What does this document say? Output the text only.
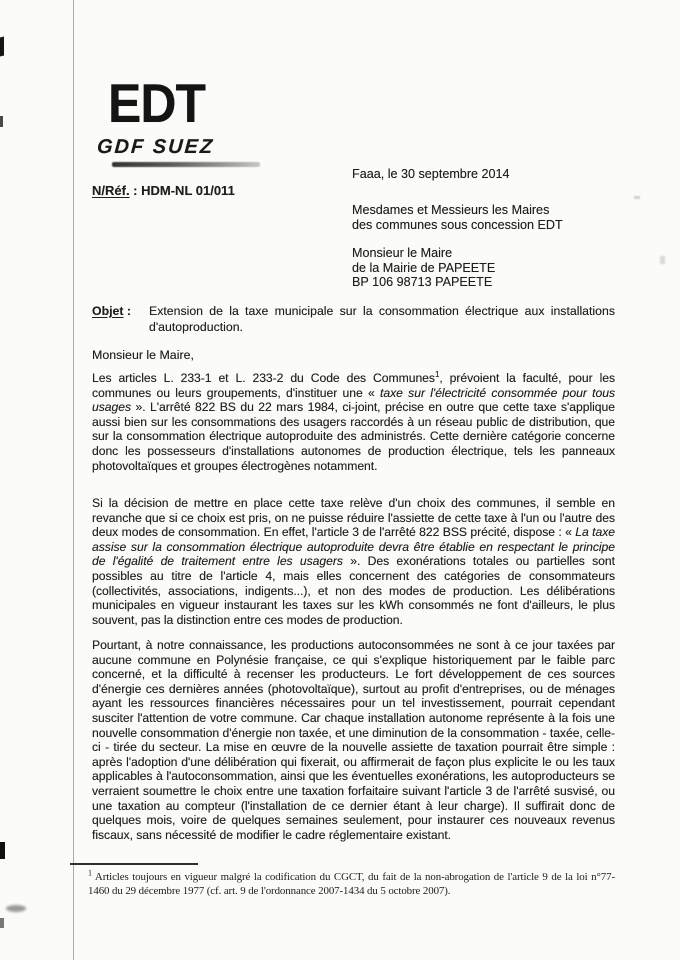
EDT
GDF SUEZ
N/Réf. : HDM-NL 01/011
Faaa, le 30 septembre 2014
Mesdames et Messieurs les Maires
des communes sous concession EDT
Monsieur le Maire
de la Mairie de PAPEETE
BP 106 98713 PAPEETE
Objet : Extension de la taxe municipale sur la consommation électrique aux installations
d'autoproduction.
Monsieur le Maire,
Les articles L. 233-1 et L. 233-2 du Code des Communes$^1$, prévoient la faculté, pour les communes ou leurs groupements, d'instituer une « taxe sur l'électricité consommée pour tous usages ». L'arrêté 822 BS du 22 mars 1984, ci-joint, précise en outre que cette taxe s'applique aussi bien sur les consommations des usagers raccordés à un réseau public de distribution, que sur la consommation électrique autoproduite des administrés. Cette dernière catégorie concerne donc les possesseurs d'installations autonomes de production électrique, tels les panneaux photovoltaïques et groupes électrogènes notamment.
Si la décision de mettre en place cette taxe relève d'un choix des communes, il semble en revanche que si ce choix est pris, on ne puisse réduire l'assiette de cette taxe à l'un ou l'autre des deux modes de consommation. En effet, l'article 3 de l'arrêté 822 BSS précité, dispose : « La taxe assise sur la consommation électrique autoproduite devra être établie en respectant le principe de l'égalité de traitement entre les usagers ». Des exonérations totales ou partielles sont possibles au titre de l'article 4, mais elles concernent des catégories de consommateurs (collectivités, associations, indigents...), et non des modes de production. Les délibérations municipales en vigueur instaurant les taxes sur les kWh consommés ne font d'ailleurs, le plus souvent, pas la distinction entre ces modes de production.
Pourtant, à notre connaissance, les productions autoconsommées ne sont à ce jour taxées par aucune commune en Polynésie française, ce qui s'explique historiquement par le faible parc concerné, et la difficulté à recenser les producteurs. Le fort développement de ces sources d'énergie ces dernières années (photovoltaïque), surtout au profit d'entreprises, ou de ménages ayant les ressources financières nécessaires pour un tel investissement, pourrait cependant susciter l'attention de votre commune. Car chaque installation autonome représente à la fois une nouvelle consommation d'énergie non taxée, et une diminution de la consommation - taxée, celle-ci - tirée du secteur. La mise en œuvre de la nouvelle assiette de taxation pourrait être simple : après l'adoption d'une délibération qui fixerait, ou affirmerait de façon plus explicite le ou les taux applicables à l'autoconsommation, ainsi que les éventuelles exonérations, les autoproducteurs se verraient soumettre le choix entre une taxation forfaitaire suivant l'article 3 de l'arrêté susvisé, ou une taxation au compteur (l'installation de ce dernier étant à leur charge). Il suffirait donc de quelques mois, voire de quelques semaines seulement, pour instaurer ces nouveaux revenus fiscaux, sans nécessité de modifier le cadre réglementaire existant.
$^1$ Articles toujours en vigueur malgré la codification du CGCT, du fait de la non-abrogation de l'article 9 de la loi n°77-1460 du 29 décembre 1977 (cf. art. 9 de l'ordonnance 2007-1434 du 5 octobre 2007).
